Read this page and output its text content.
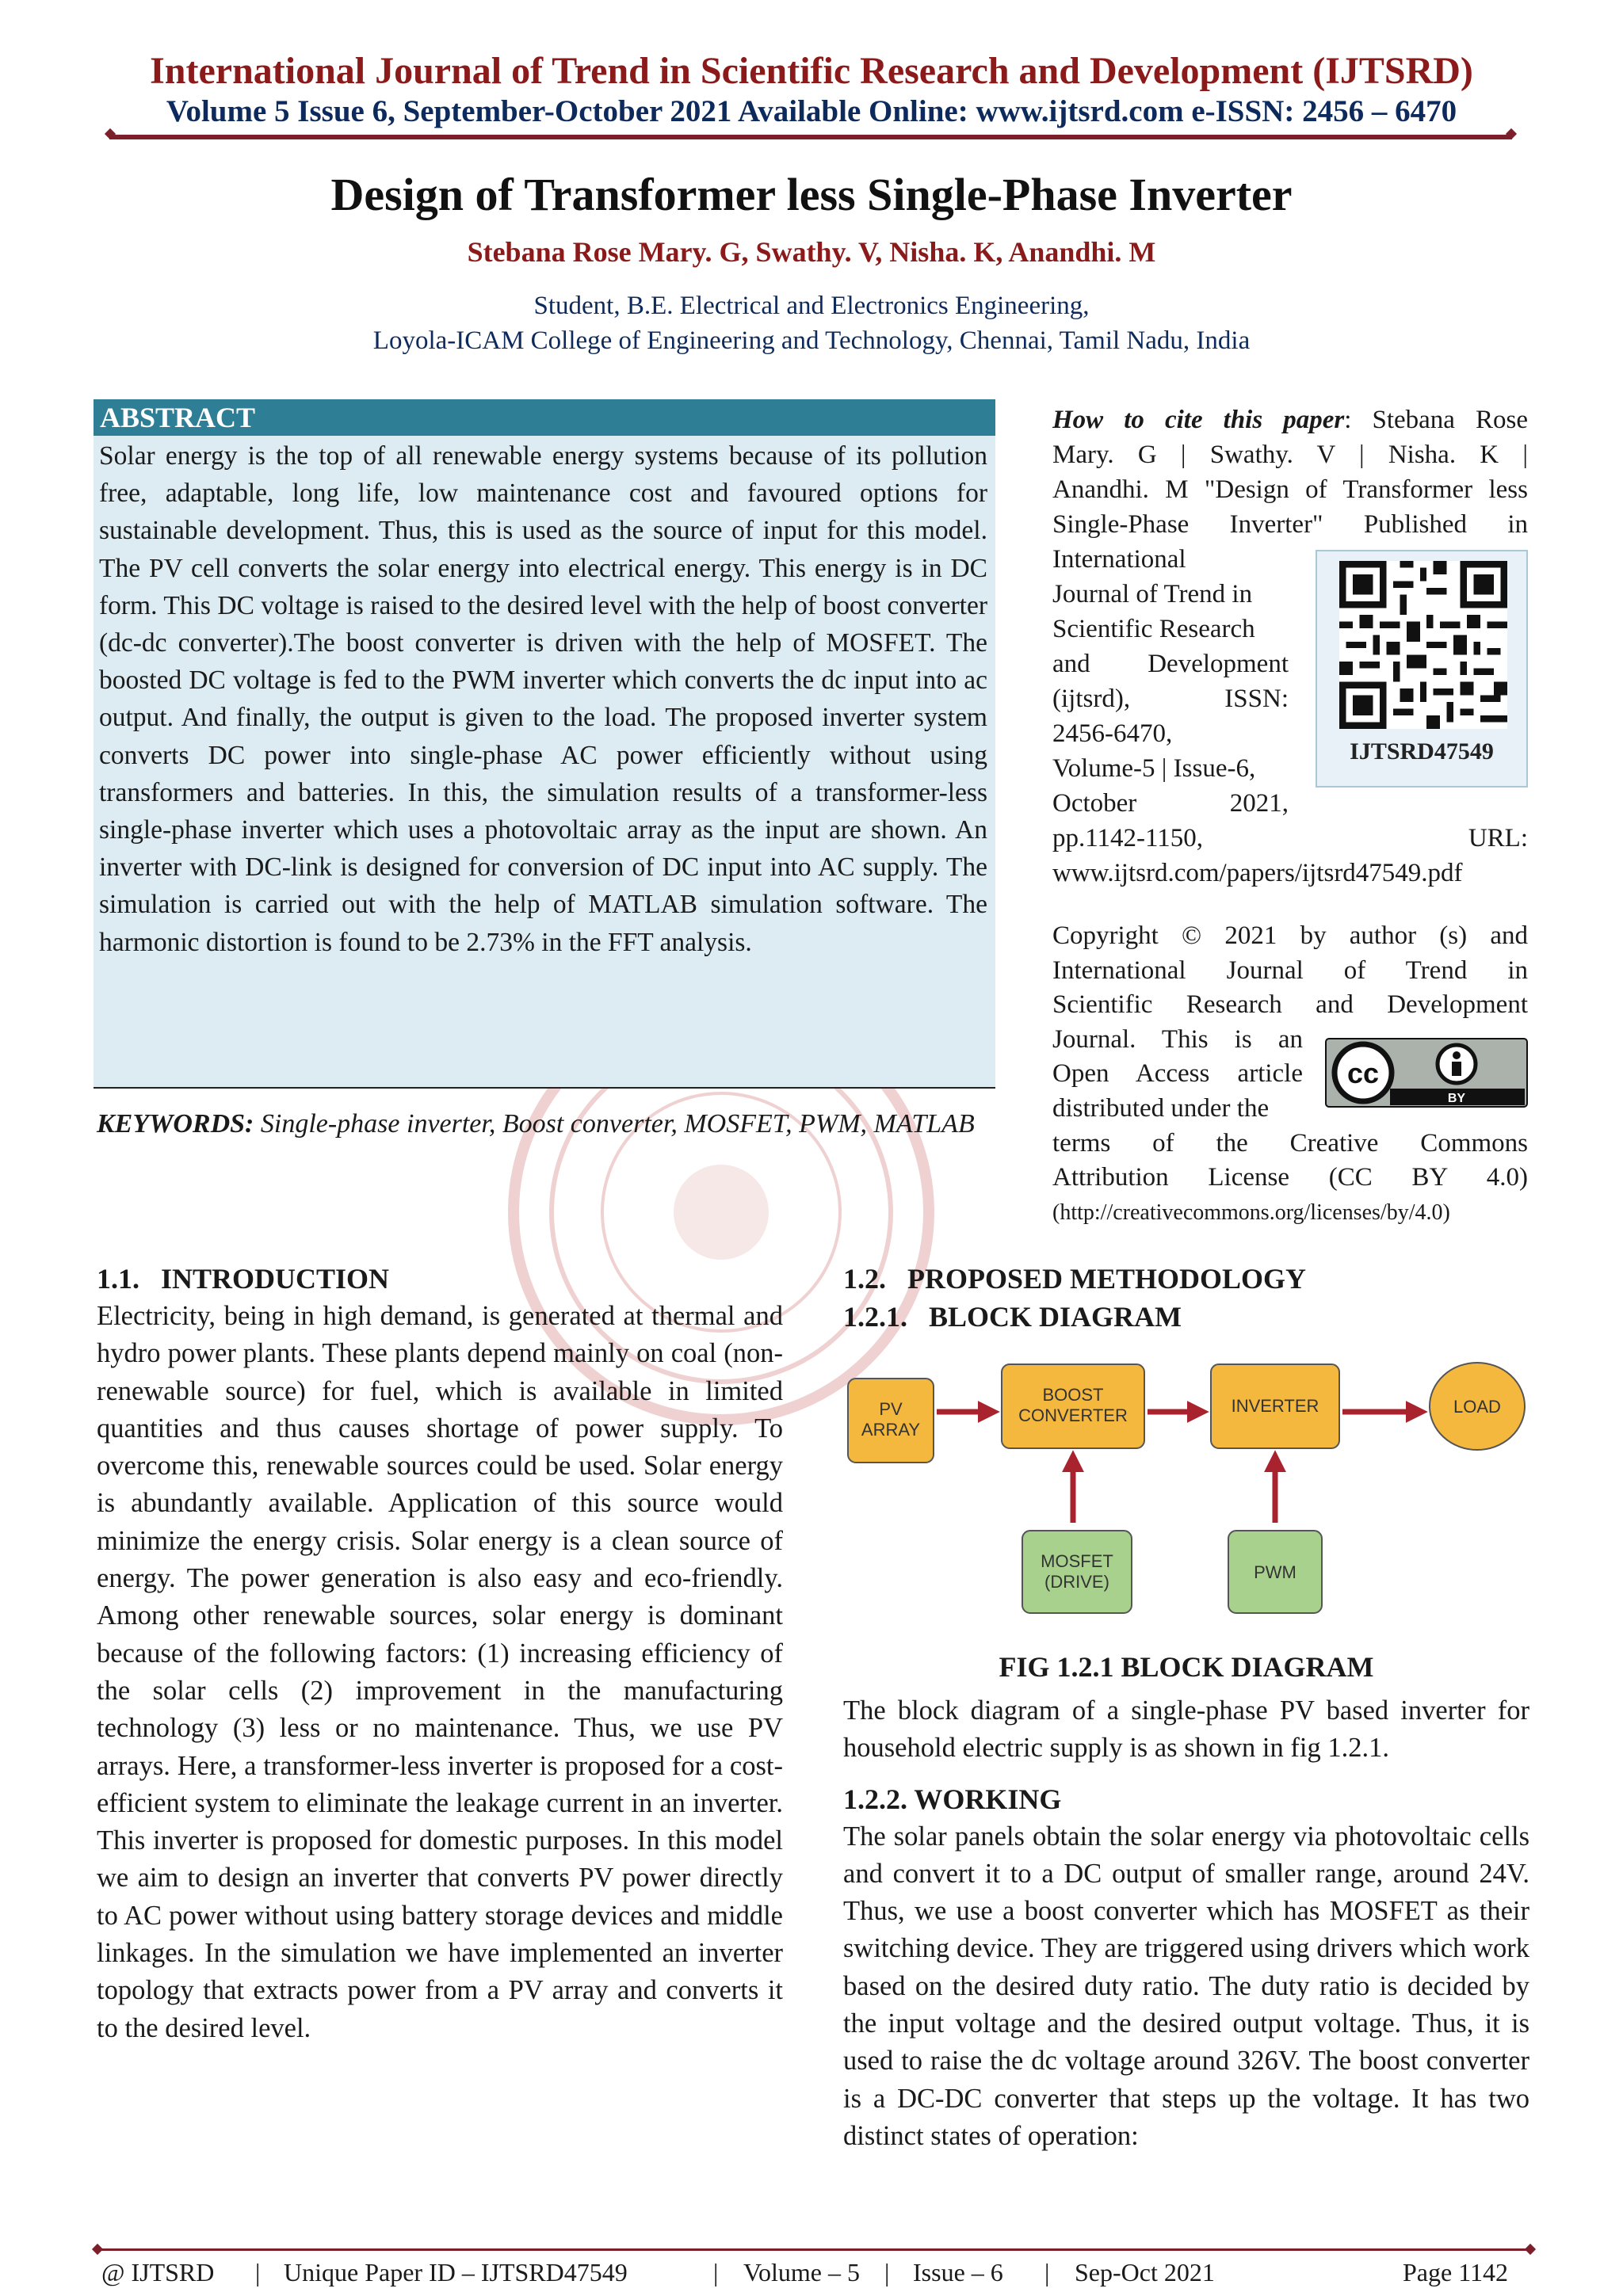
International Journal of Trend in Scientific Research and Development (IJTSRD)
Volume 5 Issue 6, September-October 2021 Available Online: www.ijtsrd.com e-ISSN: 2456 – 6470
Design of Transformer less Single-Phase Inverter
Stebana Rose Mary. G, Swathy. V, Nisha. K, Anandhi. M
Student, B.E. Electrical and Electronics Engineering,
Loyola-ICAM College of Engineering and Technology, Chennai, Tamil Nadu, India
ABSTRACT
Solar energy is the top of all renewable energy systems because of its pollution free, adaptable, long life, low maintenance cost and favoured options for sustainable development. Thus, this is used as the source of input for this model. The PV cell converts the solar energy into electrical energy. This energy is in DC form. This DC voltage is raised to the desired level with the help of boost converter (dc-dc converter).The boost converter is driven with the help of MOSFET. The boosted DC voltage is fed to the PWM inverter which converts the dc input into ac output. And finally, the output is given to the load. The proposed inverter system converts DC power into single-phase AC power efficiently without using transformers and batteries. In this, the simulation results of a transformer-less single-phase inverter which uses a photovoltaic array as the input are shown. An inverter with DC-link is designed for conversion of DC input into AC supply. The simulation is carried out with the help of MATLAB simulation software. The harmonic distortion is found to be 2.73% in the FFT analysis.
KEYWORDS: Single-phase inverter, Boost converter, MOSFET, PWM, MATLAB
How to cite this paper: Stebana Rose
Mary. G | Swathy. V | Nisha. K |
Anandhi. M "Design of Transformer less
Single-Phase Inverter" Published in
International
Journal of Trend in
Scientific Research
and Development
(ijtsrd), ISSN:
2456-6470,
Volume-5 | Issue-6,
October 2021,
pp.1142-1150, URL:
www.ijtsrd.com/papers/ijtsrd47549.pdf
IJTSRD47549
Copyright © 2021 by author (s) and
International Journal of Trend in
Scientific Research and Development
Journal. This is an
Open Access article
distributed under the
terms of the Creative Commons
Attribution License (CC BY 4.0)
(http://creativecommons.org/licenses/by/4.0)
cc
BY
1.1.   INTRODUCTION
Electricity, being in high demand, is generated at thermal and hydro power plants. These plants depend mainly on coal (non-renewable source) for fuel, which is available in limited quantities and thus causes shortage of power supply. To overcome this, renewable sources could be used. Solar energy is abundantly available. Application of this source would minimize the energy crisis. Solar energy is a clean source of energy. The power generation is also easy and eco-friendly. Among other renewable sources, solar energy is dominant because of the following factors: (1) increasing efficiency of the solar cells (2) improvement in the manufacturing technology (3) less or no maintenance. Thus, we use PV arrays. Here, a transformer-less inverter is proposed for a cost-efficient system to eliminate the leakage current in an inverter. This inverter is proposed for domestic purposes. In this model we aim to design an inverter that converts PV power directly to AC power without using battery storage devices and middle linkages. In the simulation we have implemented an inverter topology that extracts power from a PV array and converts it to the desired level.
1.2.   PROPOSED METHODOLOGY
1.2.1.   BLOCK DIAGRAM
PV
ARRAY
BOOST
CONVERTER	INVERTER	LOAD
MOSFET
(DRIVE)	PWM
FIG 1.2.1 BLOCK DIAGRAM
The block diagram of a single-phase PV based inverter for household electric supply is as shown in fig 1.2.1.
1.2.2. WORKING
The solar panels obtain the solar energy via photovoltaic cells and convert it to a DC output of smaller range, around 24V. Thus, we use a boost converter which has MOSFET as their switching device. They are triggered using drivers which work based on the desired duty ratio. The duty ratio is decided by the input voltage and the desired output voltage. Thus, it is used to raise the dc voltage around 326V. The boost converter is a DC-DC converter that steps up the voltage. It has two distinct states of operation:
@ IJTSRD | Unique Paper ID – IJTSRD47549	| Volume – 5 | Issue – 6 | Sep-Oct 2021	Page 1142
